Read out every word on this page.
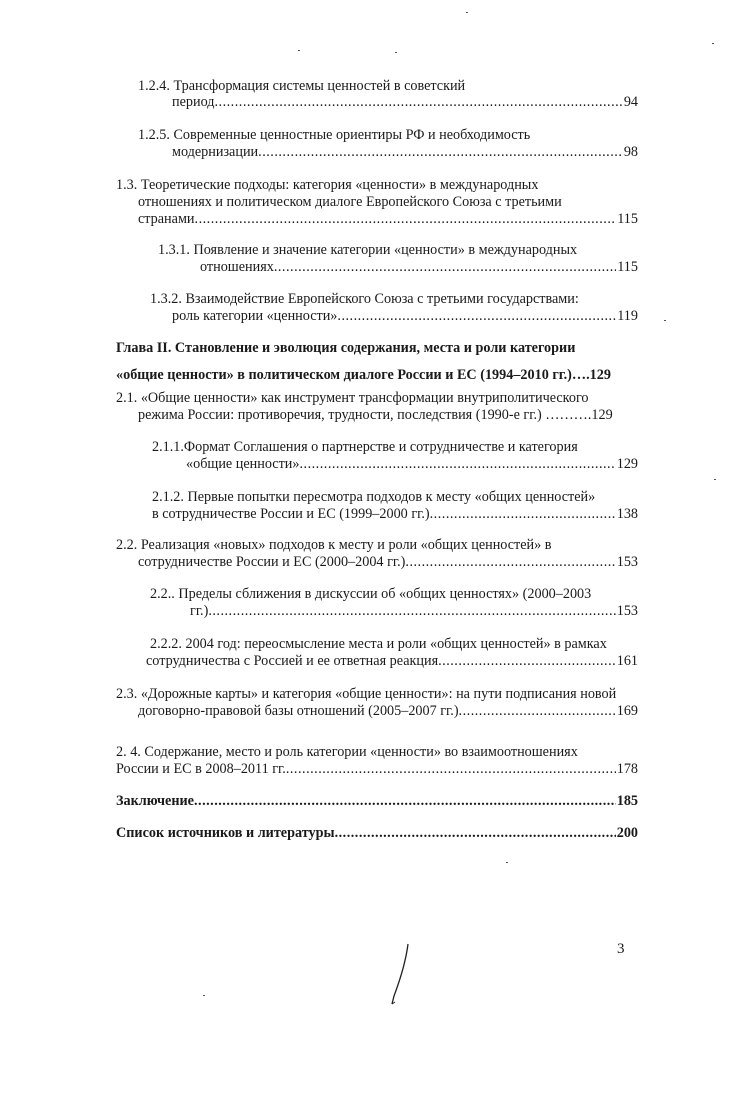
1.2.4. Трансформация системы ценностей в советский
период .....	94
1.2.5. Современные ценностные ориентиры РФ и необходимость
модернизации .....	98
1.3. Теоретические подходы: категория «ценности» в международных
отношениях и политическом диалоге Европейского Союза с третьими
странами .....	115
1.3.1. Появление и значение категории «ценности» в международных
отношениях .....	115
1.3.2. Взаимодействие Европейского Союза с третьими государствами:
роль категории «ценности» .....	119
Глава II. Становление и эволюция содержания, места и роли категории
«общие ценности» в политическом диалоге России и ЕС (1994–2010 гг.)….129
2.1. «Общие ценности» как инструмент трансформации внутриполитического
режима России: противоречия, трудности, последствия (1990-е гг.) ……….129
2.1.1.Формат Соглашения о партнерстве и сотрудничестве и категория
«общие ценности» .....	129
2.1.2. Первые попытки пересмотра подходов к месту «общих ценностей»
в сотрудничестве России и ЕС (1999–2000 гг.) .....	138
2.2. Реализация «новых» подходов к месту и роли «общих ценностей» в
сотрудничестве России и ЕС (2000–2004 гг.) .....	153
2.2.. Пределы сближения в дискуссии об «общих ценностях» (2000–2003
гг.) .....	153
2.2.2. 2004 год: переосмысление места и роли «общих ценностей» в рамках
сотрудничества с Россией и ее ответная реакция .....	161
2.3. «Дорожные карты» и категория «общие ценности»: на пути подписания новой
договорно-правовой базы отношений (2005–2007 гг.) .....	169
2. 4. Содержание, место и роль категории «ценности» во взаимоотношениях
России и ЕС в 2008–2011 гг. .....	178
Заключение .....	185
Список источников и литературы .....	200
3
